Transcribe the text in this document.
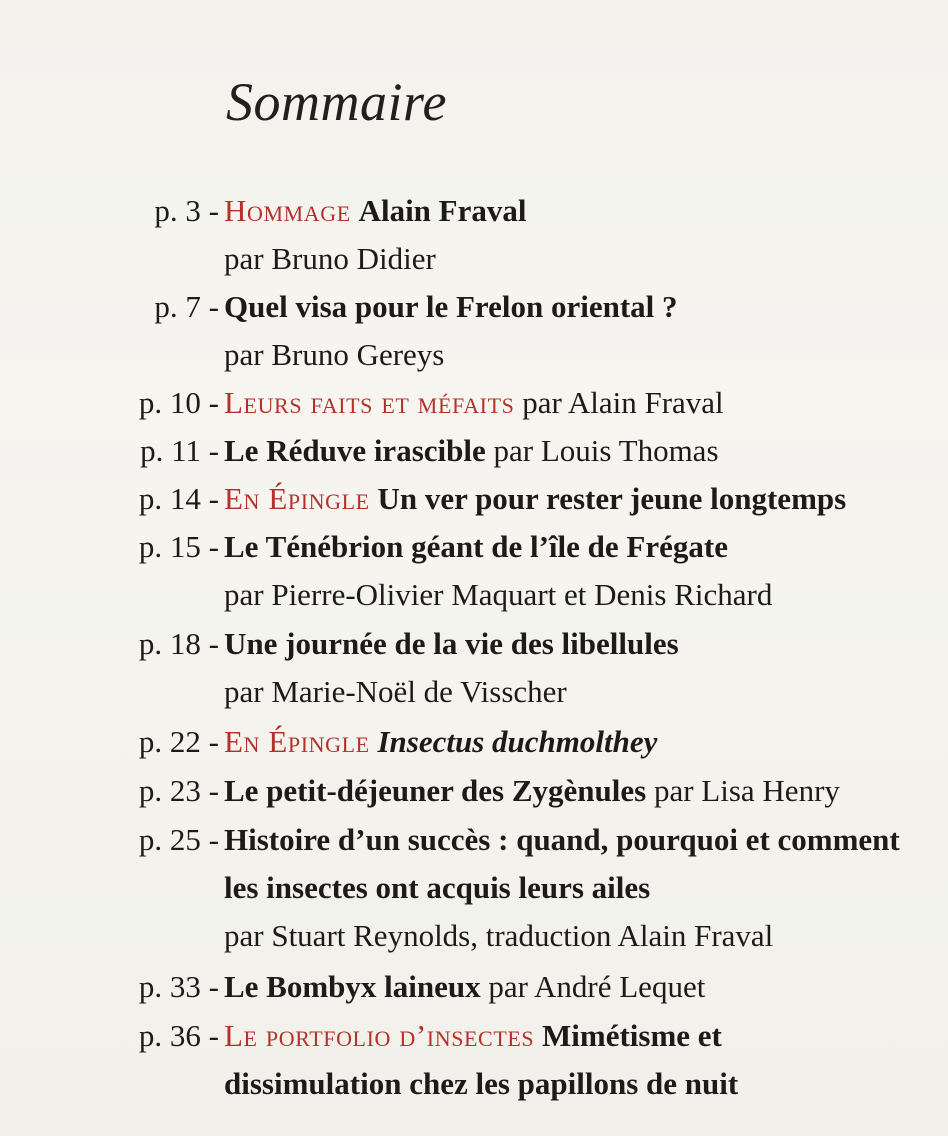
Sommaire
p. 3 - Hommage Alain Fraval
par Bruno Didier
p. 7 - Quel visa pour le Frelon oriental ?
par Bruno Gereys
p. 10 - Leurs faits et méfaits par Alain Fraval
p. 11 - Le Réduve irascible par Louis Thomas
p. 14 - En Épingle Un ver pour rester jeune longtemps
p. 15 - Le Ténébrion géant de l’île de Frégate
par Pierre-Olivier Maquart et Denis Richard
p. 18 - Une journée de la vie des libellules
par Marie-Noël de Visscher
p. 22 - En Épingle Insectus duchmolthey
p. 23 - Le petit-déjeuner des Zygènules par Lisa Henry
p. 25 - Histoire d’un succès : quand, pourquoi et comment
les insectes ont acquis leurs ailes
par Stuart Reynolds, traduction Alain Fraval
p. 33 - Le Bombyx laineux par André Lequet
p. 36 - Le portfolio d’insectes Mimétisme et
dissimulation chez les papillons de nuit
